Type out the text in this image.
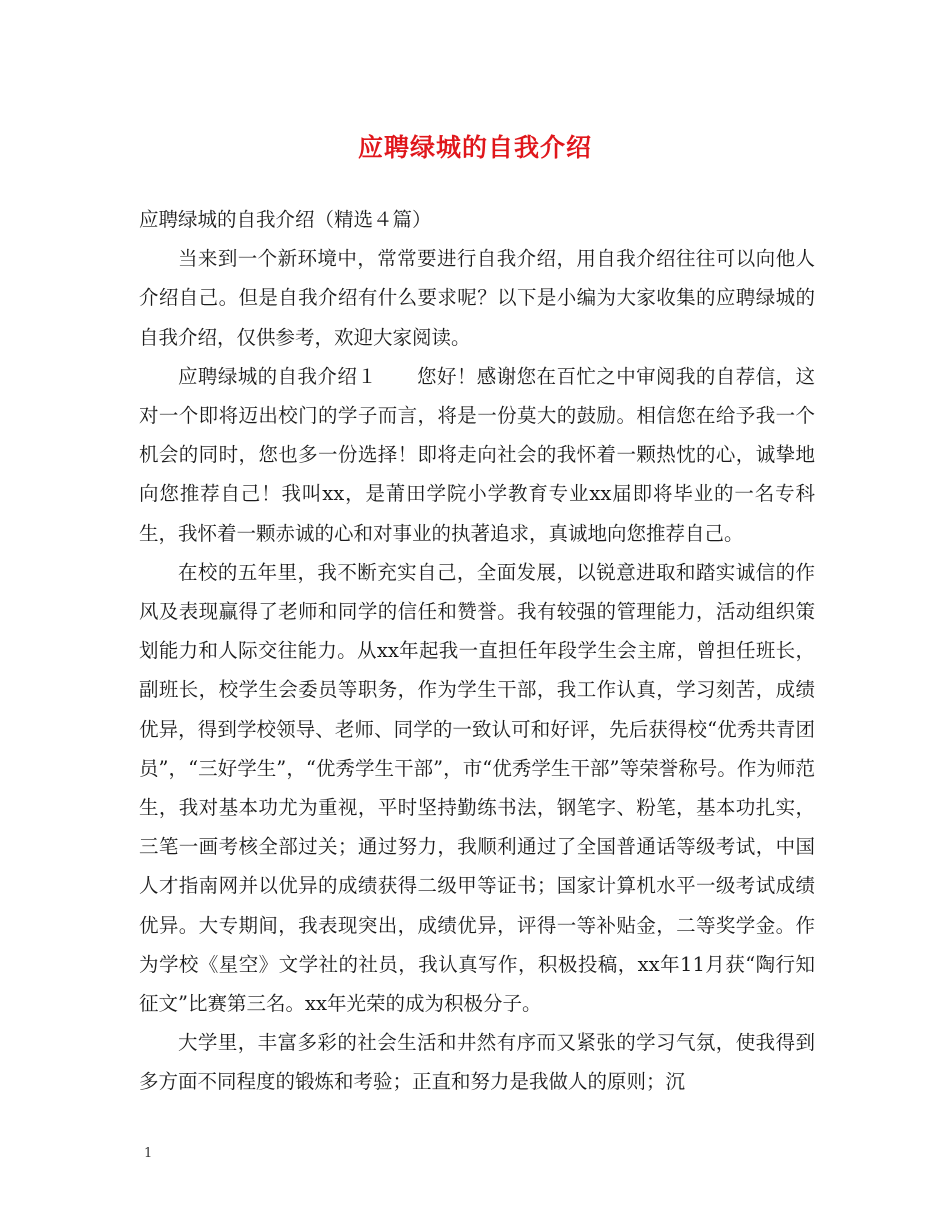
应聘绿城的自我介绍

应聘绿城的自我介绍（精选４篇）

当来到一个新环境中，常常要进行自我介绍，用自我介绍往往可以向他人介绍自己。但是自我介绍有什么要求呢？以下是小编为大家收集的应聘绿城的自我介绍，仅供参考，欢迎大家阅读。

应聘绿城的自我介绍１　　您好！感谢您在百忙之中审阅我的自荐信，这对一个即将迈出校门的学子而言，将是一份莫大的鼓励。相信您在给予我一个机会的同时，您也多一份选择！即将走向社会的我怀着一颗热忱的心，诚挚地向您推荐自己！我叫xx，是莆田学院小学教育专业xx届即将毕业的一名专科生，我怀着一颗赤诚的心和对事业的执著追求，真诚地向您推荐自己。

在校的五年里，我不断充实自己，全面发展，以锐意进取和踏实诚信的作风及表现赢得了老师和同学的信任和赞誉。我有较强的管理能力，活动组织策划能力和人际交往能力。从xx年起我一直担任年段学生会主席，曾担任班长，副班长，校学生会委员等职务，作为学生干部，我工作认真，学习刻苦，成绩优异，得到学校领导、老师、同学的一致认可和好评，先后获得校“优秀共青团员”，“三好学生”，“优秀学生干部”，市“优秀学生干部”等荣誉称号。作为师范生，我对基本功尤为重视，平时坚持勤练书法，钢笔字、粉笔，基本功扎实，三笔一画考核全部过关；通过努力，我顺利通过了全国普通话等级考试，中国人才指南网并以优异的成绩获得二级甲等证书；国家计算机水平一级考试成绩优异。大专期间，我表现突出，成绩优异，评得一等补贴金，二等奖学金。作为学校《星空》文学社的社员，我认真写作，积极投稿，xx年11月获“陶行知征文”比赛第三名。xx年光荣的成为积极分子。

大学里，丰富多彩的社会生活和井然有序而又紧张的学习气氛，使我得到多方面不同程度的锻炼和考验；正直和努力是我做人的原则；沉

1
